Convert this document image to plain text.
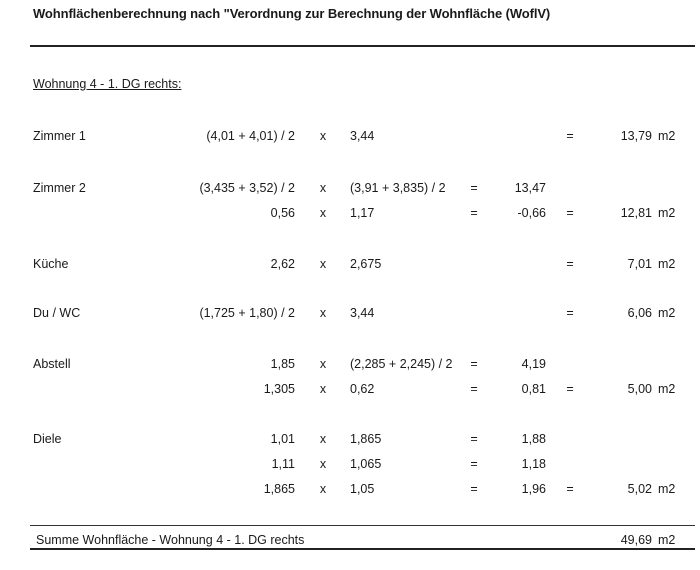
Wohnflächenberechnung nach "Verordnung zur Berechnung der Wohnfläche (WoflV)
Wohnung 4 - 1. DG rechts:
Zimmer 1	(4,01 + 4,01) / 2	x	3,44	=	13,79 m2
Zimmer 2	(3,435 + 3,52) / 2	x	(3,91 + 3,835) / 2	=	13,47
0,56	x	1,17	=	-0,66	=	12,81 m2
Küche	2,62	x	2,675	=	7,01 m2
Du / WC	(1,725 + 1,80) / 2	x	3,44	=	6,06 m2
Abstell	1,85	x	(2,285 + 2,245) / 2	=	4,19
1,305	x	0,62	=	0,81	=	5,00 m2
Diele	1,01	x	1,865	=	1,88
1,11	x	1,065	=	1,18
1,865	x	1,05	=	1,96	=	5,02 m2
Summe Wohnfläche - Wohnung 4 - 1. DG rechts	49,69 m2
